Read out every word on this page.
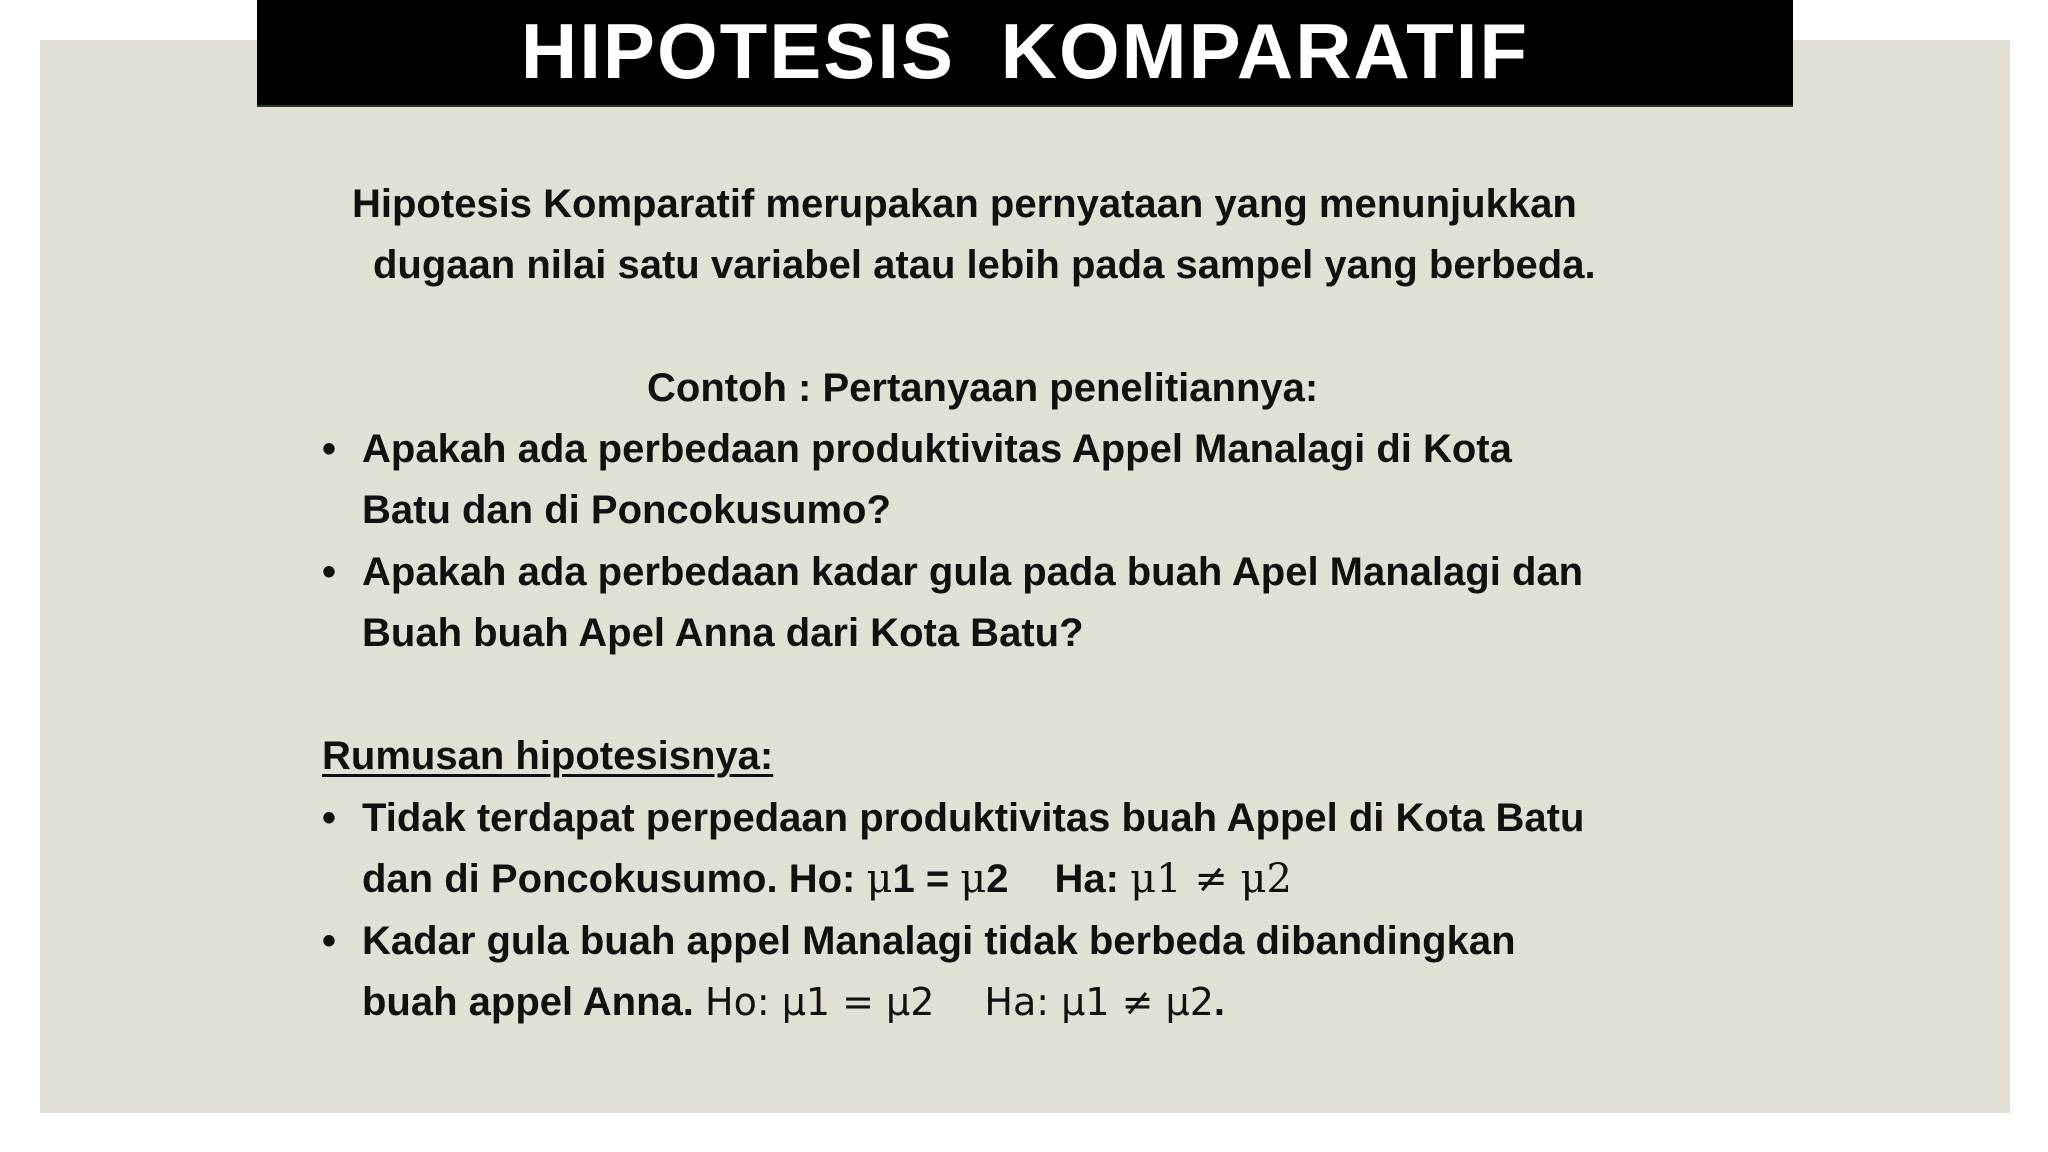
HIPOTESIS KOMPARATIF
Hipotesis Komparatif merupakan pernyataan yang menunjukkan
dugaan nilai satu variabel atau lebih pada sampel yang berbeda.
Contoh : Pertanyaan penelitiannya:
• Apakah ada perbedaan produktivitas Appel Manalagi di Kota
Batu dan di Poncokusumo?
• Apakah ada perbedaan kadar gula pada buah Apel Manalagi dan
Buah buah Apel Anna dari Kota Batu?
Rumusan hipotesisnya:
• Tidak terdapat perpedaan produktivitas buah Appel di Kota Batu
dan di Poncokusumo. Ho: μ1 = μ2 Ha: μ1 ≠ μ2
• Kadar gula buah appel Manalagi tidak berbeda dibandingkan
buah appel Anna. Ho: μ1 = μ2 Ha: μ1 ≠ μ2.
